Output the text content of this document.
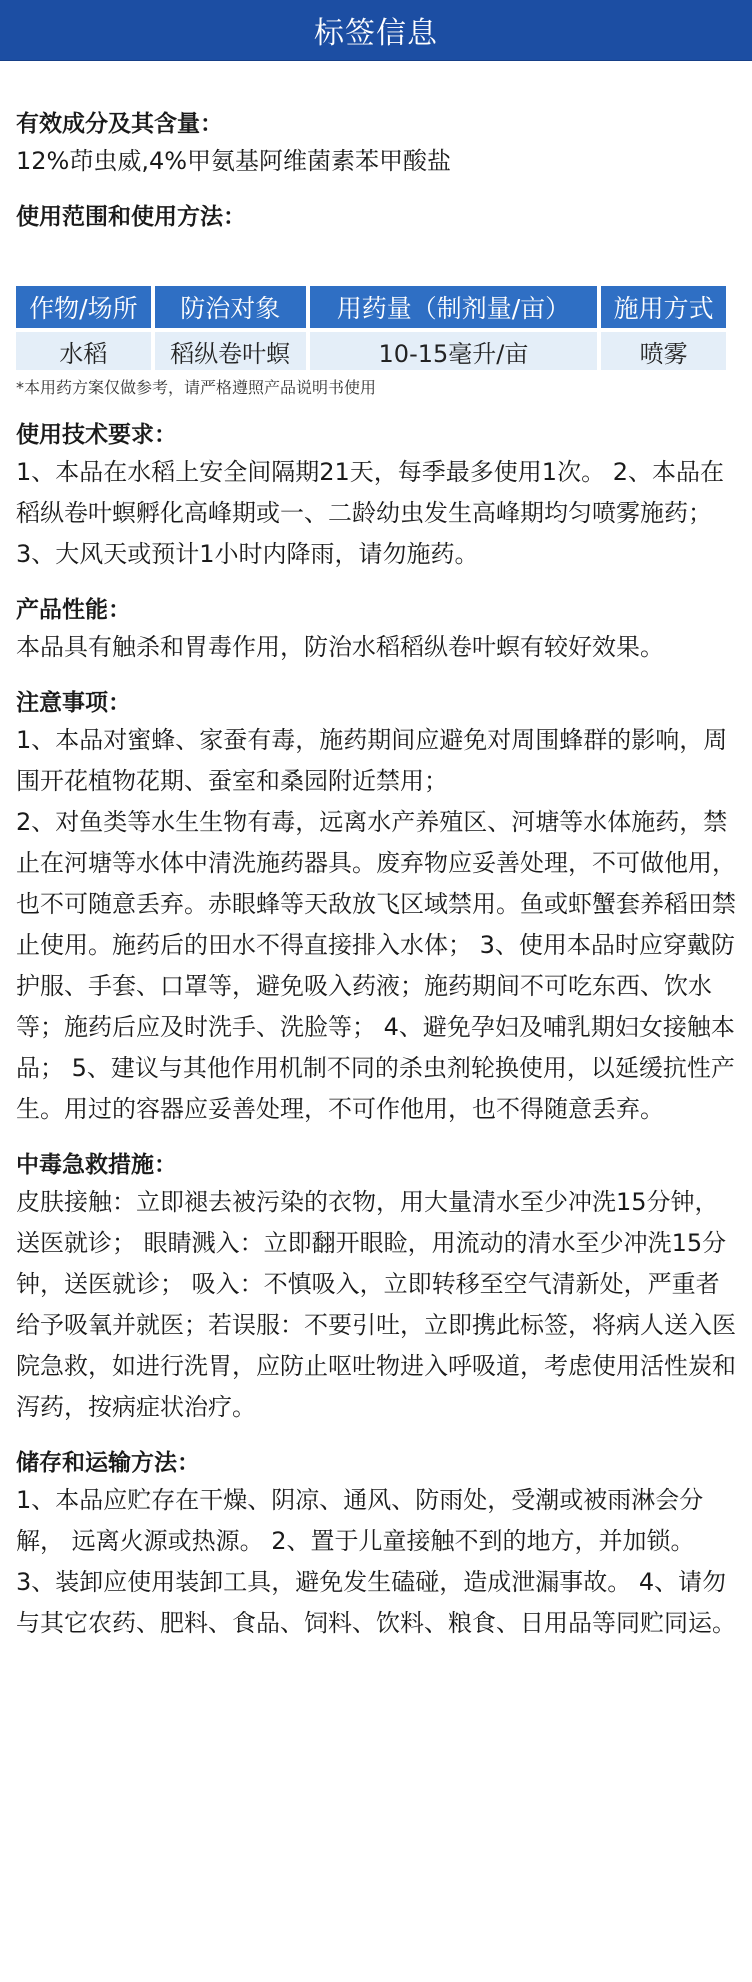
标签信息

有效成分及其含量：

12%茚虫威,4%甲氨基阿维菌素苯甲酸盐

使用范围和使用方法：

作物/场所	防治对象	用药量（制剂量/亩）	施用方式
水稻	稻纵卷叶螟	10-15毫升/亩	喷雾

*本用药方案仅做参考，请严格遵照产品说明书使用

使用技术要求：

1、本品在水稻上安全间隔期21天，每季最多使用1次。 2、本品在稻纵卷叶螟孵化高峰期或一、二龄幼虫发生高峰期均匀喷雾施药； 3、大风天或预计1小时内降雨，请勿施药。

产品性能：

本品具有触杀和胃毒作用，防治水稻稻纵卷叶螟有较好效果。

注意事项：

1、本品对蜜蜂、家蚕有毒，施药期间应避免对周围蜂群的影响，周围开花植物花期、蚕室和桑园附近禁用；

2、对鱼类等水生生物有毒，远离水产养殖区、河塘等水体施药，禁止在河塘等水体中清洗施药器具。废弃物应妥善处理，不可做他用，也不可随意丢弃。赤眼蜂等天敌放飞区域禁用。鱼或虾蟹套养稻田禁止使用。施药后的田水不得直接排入水体； 3、使用本品时应穿戴防护服、手套、口罩等，避免吸入药液；施药期间不可吃东西、饮水等；施药后应及时洗手、洗脸等； 4、避免孕妇及哺乳期妇女接触本品； 5、建议与其他作用机制不同的杀虫剂轮换使用，以延缓抗性产生。用过的容器应妥善处理，不可作他用，也不得随意丢弃。

中毒急救措施：

皮肤接触：立即褪去被污染的衣物，用大量清水至少冲洗15分钟，送医就诊； 眼睛溅入：立即翻开眼睑，用流动的清水至少冲洗15分钟，送医就诊； 吸入：不慎吸入，立即转移至空气清新处，严重者给予吸氧并就医；若误服：不要引吐，立即携此标签，将病人送入医院急救，如进行洗胃，应防止呕吐物进入呼吸道，考虑使用活性炭和泻药，按病症状治疗。

储存和运输方法：

1、本品应贮存在干燥、阴凉、通风、防雨处，受潮或被雨淋会分解， 远离火源或热源。 2、置于儿童接触不到的地方，并加锁。 3、装卸应使用装卸工具，避免发生磕碰，造成泄漏事故。 4、请勿与其它农药、肥料、食品、饲料、饮料、粮食、日用品等同贮同运。
